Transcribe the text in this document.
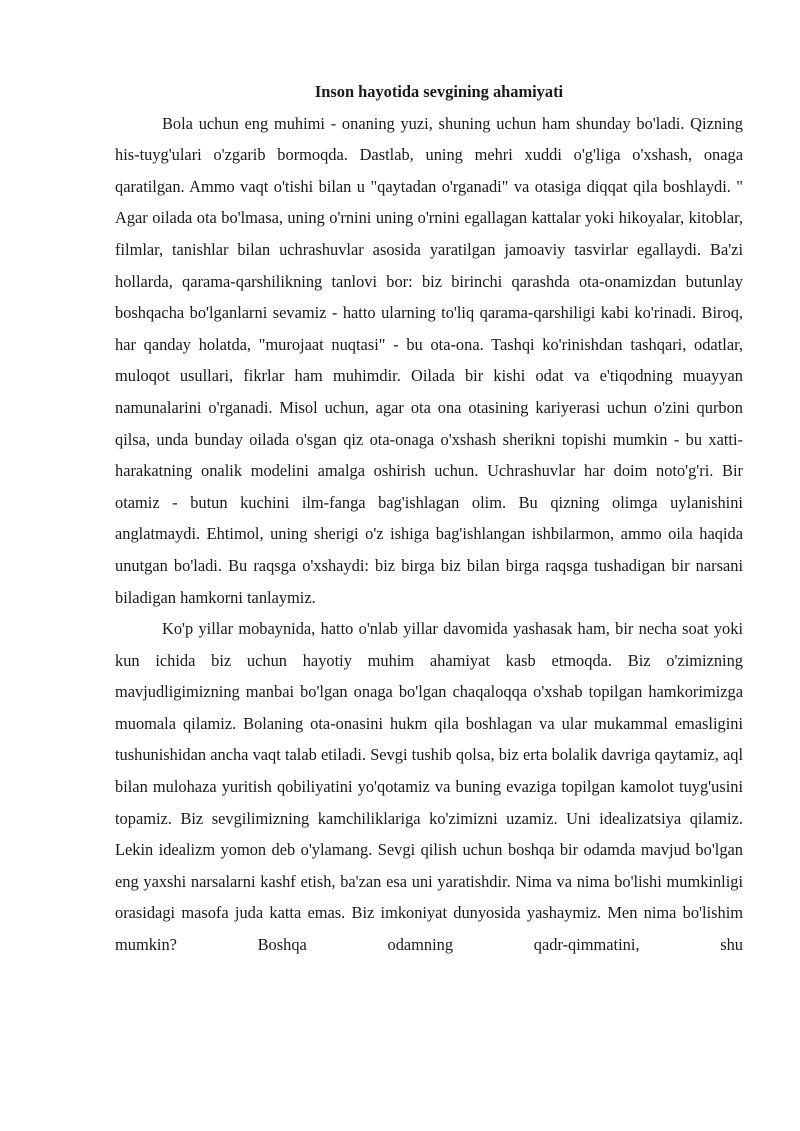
Inson hayotida sevgining ahamiyati

Bola uchun eng muhimi - onaning yuzi, shuning uchun ham shunday bo'ladi. Qizning his-tuyg'ulari o'zgarib bormoqda. Dastlab, uning mehri xuddi o'g'liga o'xshash, onaga qaratilgan. Ammo vaqt o'tishi bilan u "qaytadan o'rganadi" va otasiga diqqat qila boshlaydi. " Agar oilada ota bo'lmasa, uning o'rnini uning o'rnini egallagan kattalar yoki hikoyalar, kitoblar, filmlar, tanishlar bilan uchrashuvlar asosida yaratilgan jamoaviy tasvirlar egallaydi. Ba'zi hollarda, qarama-qarshilikning tanlovi bor: biz birinchi qarashda ota-onamizdan butunlay boshqacha bo'lganlarni sevamiz - hatto ularning to'liq qarama-qarshiligi kabi ko'rinadi. Biroq, har qanday holatda, "murojaat nuqtasi" - bu ota-ona. Tashqi ko'rinishdan tashqari, odatlar, muloqot usullari, fikrlar ham muhimdir. Oilada bir kishi odat va e'tiqodning muayyan namunalarini o'rganadi. Misol uchun, agar ota ona otasining kariyerasi uchun o'zini qurbon qilsa, unda bunday oilada o'sgan qiz ota-onaga o'xshash sherikni topishi mumkin - bu xatti-harakatning onalik modelini amalga oshirish uchun. Uchrashuvlar har doim noto'g'ri. Bir otamiz - butun kuchini ilm-fanga bag'ishlagan olim. Bu qizning olimga uylanishini anglatmaydi. Ehtimol, uning sherigi o'z ishiga bag'ishlangan ishbilarmon, ammo oila haqida unutgan bo'ladi. Bu raqsga o'xshaydi: biz birga biz bilan birga raqsga tushadigan bir narsani biladigan hamkorni tanlaymiz.

Ko'p yillar mobaynida, hatto o'nlab yillar davomida yashasak ham, bir necha soat yoki kun ichida biz uchun hayotiy muhim ahamiyat kasb etmoqda. Biz o'zimizning mavjudligimizning manbai bo'lgan onaga bo'lgan chaqaloqqa o'xshab topilgan hamkorimizga muomala qilamiz. Bolaning ota-onasini hukm qila boshlagan va ular mukammal emasligini tushunishidan ancha vaqt talab etiladi. Sevgi tushib qolsa, biz erta bolalik davriga qaytamiz, aql bilan mulohaza yuritish qobiliyatini yo'qotamiz va buning evaziga topilgan kamolot tuyg'usini topamiz. Biz sevgilimizning kamchiliklariga ko'zimizni uzamiz. Uni idealizatsiya qilamiz. Lekin idealizm yomon deb o'ylamang. Sevgi qilish uchun boshqa bir odamda mavjud bo'lgan eng yaxshi narsalarni kashf etish, ba'zan esa uni yaratishdir. Nima va nima bo'lishi mumkinligi orasidagi masofa juda katta emas. Biz imkoniyat dunyosida yashaymiz. Men nima bo'lishim mumkin? Boshqa odamning qadr-qimmatini, shu
